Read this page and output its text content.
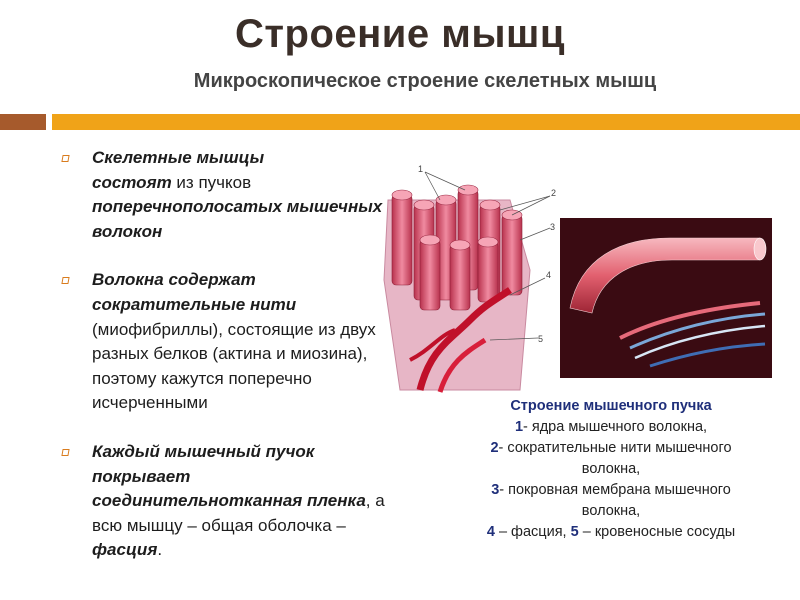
Строение мышц
Микроскопическое строение скелетных мышц
Скелетные мышцы
состоят из пучков поперечнополосатых мышечных волокон
Волокна содержат сократительные нити (миофибриллы), состоящие из двух разных белков (актина и миозина), поэтому кажутся поперечно исчерченными
Каждый мышечный пучок покрывает соединительнотканная пленка, а всю мышцу – общая оболочка – фасция.
1
2
3
4
5
Строение мышечного пучка
1- ядра мышечного волокна,
2- сократительные нити мышечного волокна,
3- покровная мембрана мышечного волокна,
4 – фасция, 5 – кровеносные сосуды
